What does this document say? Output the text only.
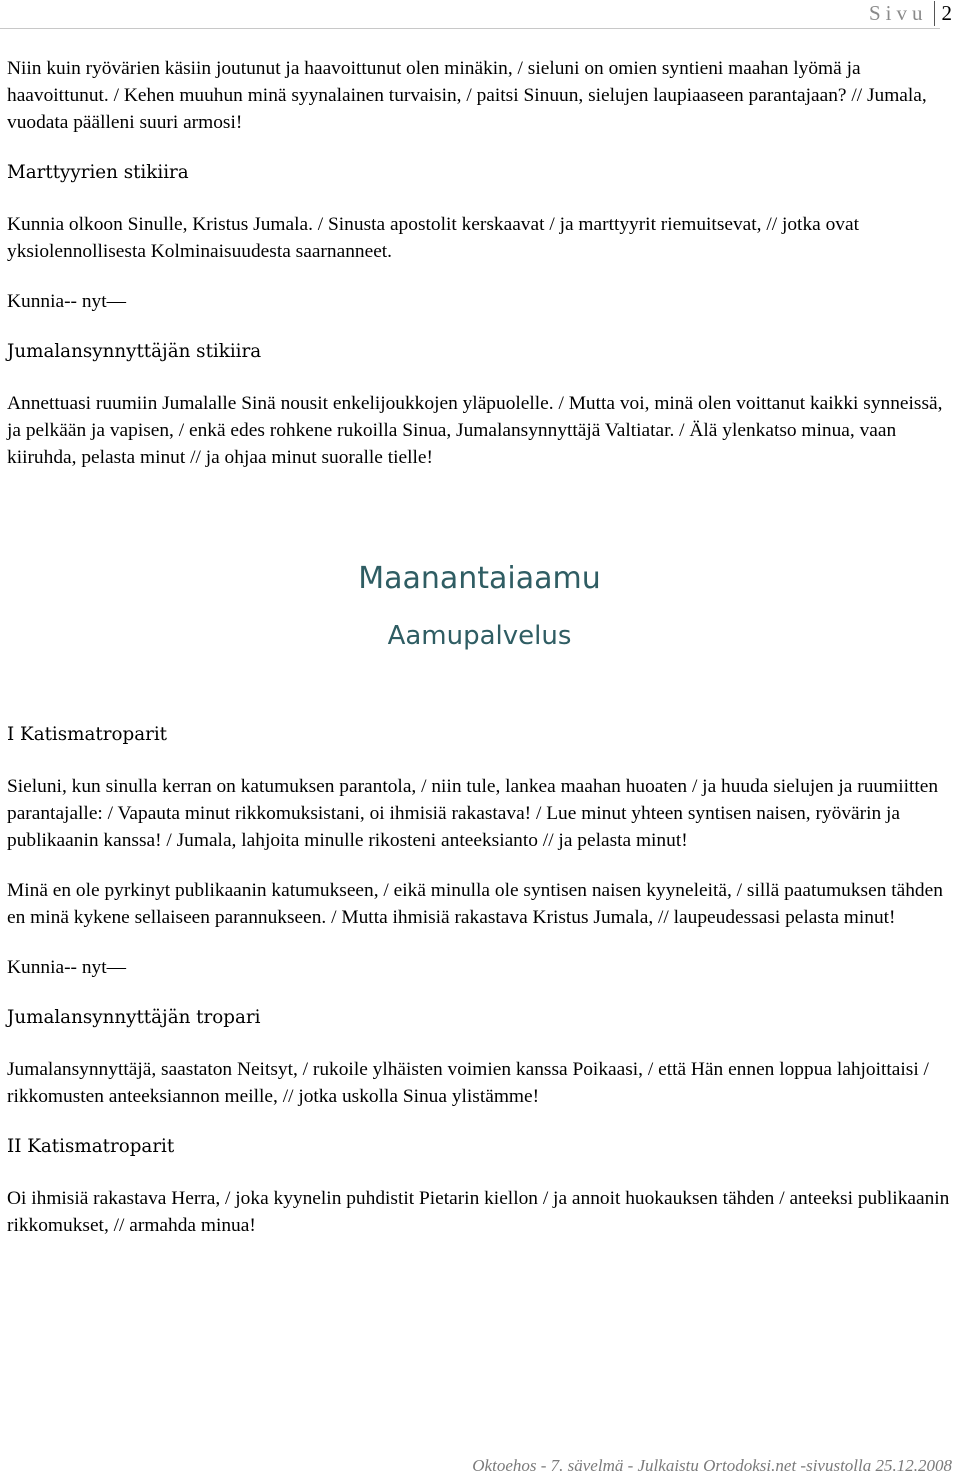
Sivu 2

Niin kuin ryövärien käsiin joutunut ja haavoittunut olen minäkin, / sieluni on omien syntieni maahan lyömä ja haavoittunut. / Kehen muuhun minä syynalainen turvaisin, / paitsi Sinuun, sielujen laupiaaseen parantajaan? // Jumala, vuodata päälleni suuri armosi!

Marttyyrien stikiira

Kunnia olkoon Sinulle, Kristus Jumala. / Sinusta apostolit kerskaavat / ja marttyyrit riemuitsevat, // jotka ovat yksiolennollisesta Kolminaisuudesta saarnanneet.

Kunnia-- nyt—
Jumalansynnyttäjän stikiira

Annettuasi ruumiin Jumalalle Sinä nousit enkelijoukkojen yläpuolelle. / Mutta voi, minä olen voittanut kaikki synneissä, ja pelkään ja vapisen, / enkä edes rohkene rukoilla Sinua, Jumalansynnyttäjä Valtiatar. / Älä ylenkatso minua, vaan kiiruhda, pelasta minut // ja ohjaa minut suoralle tielle!

Maanantaiaamu
Aamupalvelus
I Katismatroparit

Sieluni, kun sinulla kerran on katumuksen parantola, / niin tule, lankea maahan huoaten / ja huuda sielujen ja ruumiitten parantajalle: / Vapauta minut rikkomuksistani, oi ihmisiä rakastava! / Lue minut yhteen syntisen naisen, ryövärin ja publikaanin kanssa! / Jumala, lahjoita minulle rikosteni anteeksianto // ja pelasta minut!

Minä en ole pyrkinyt publikaanin katumukseen, / eikä minulla ole syntisen naisen kyyneleitä, / sillä paatumuksen tähden en minä kykene sellaiseen parannukseen. / Mutta ihmisiä rakastava Kristus Jumala, // laupeudessasi pelasta minut!

Kunnia-- nyt—
Jumalansynnyttäjän tropari

Jumalansynnyttäjä, saastaton Neitsyt, / rukoile ylhäisten voimien kanssa Poikaasi, / että Hän ennen loppua lahjoittaisi / rikkomusten anteeksiannon meille, // jotka uskolla Sinua ylistämme!

II Katismatroparit

Oi ihmisiä rakastava Herra, / joka kyynelin puhdistit Pietarin kiellon / ja annoit huokauksen tähden / anteeksi publikaanin rikkomukset, // armahda minua!

Oktoehos - 7. sävelmä - Julkaistu Ortodoksi.net -sivustolla 25.12.2008
